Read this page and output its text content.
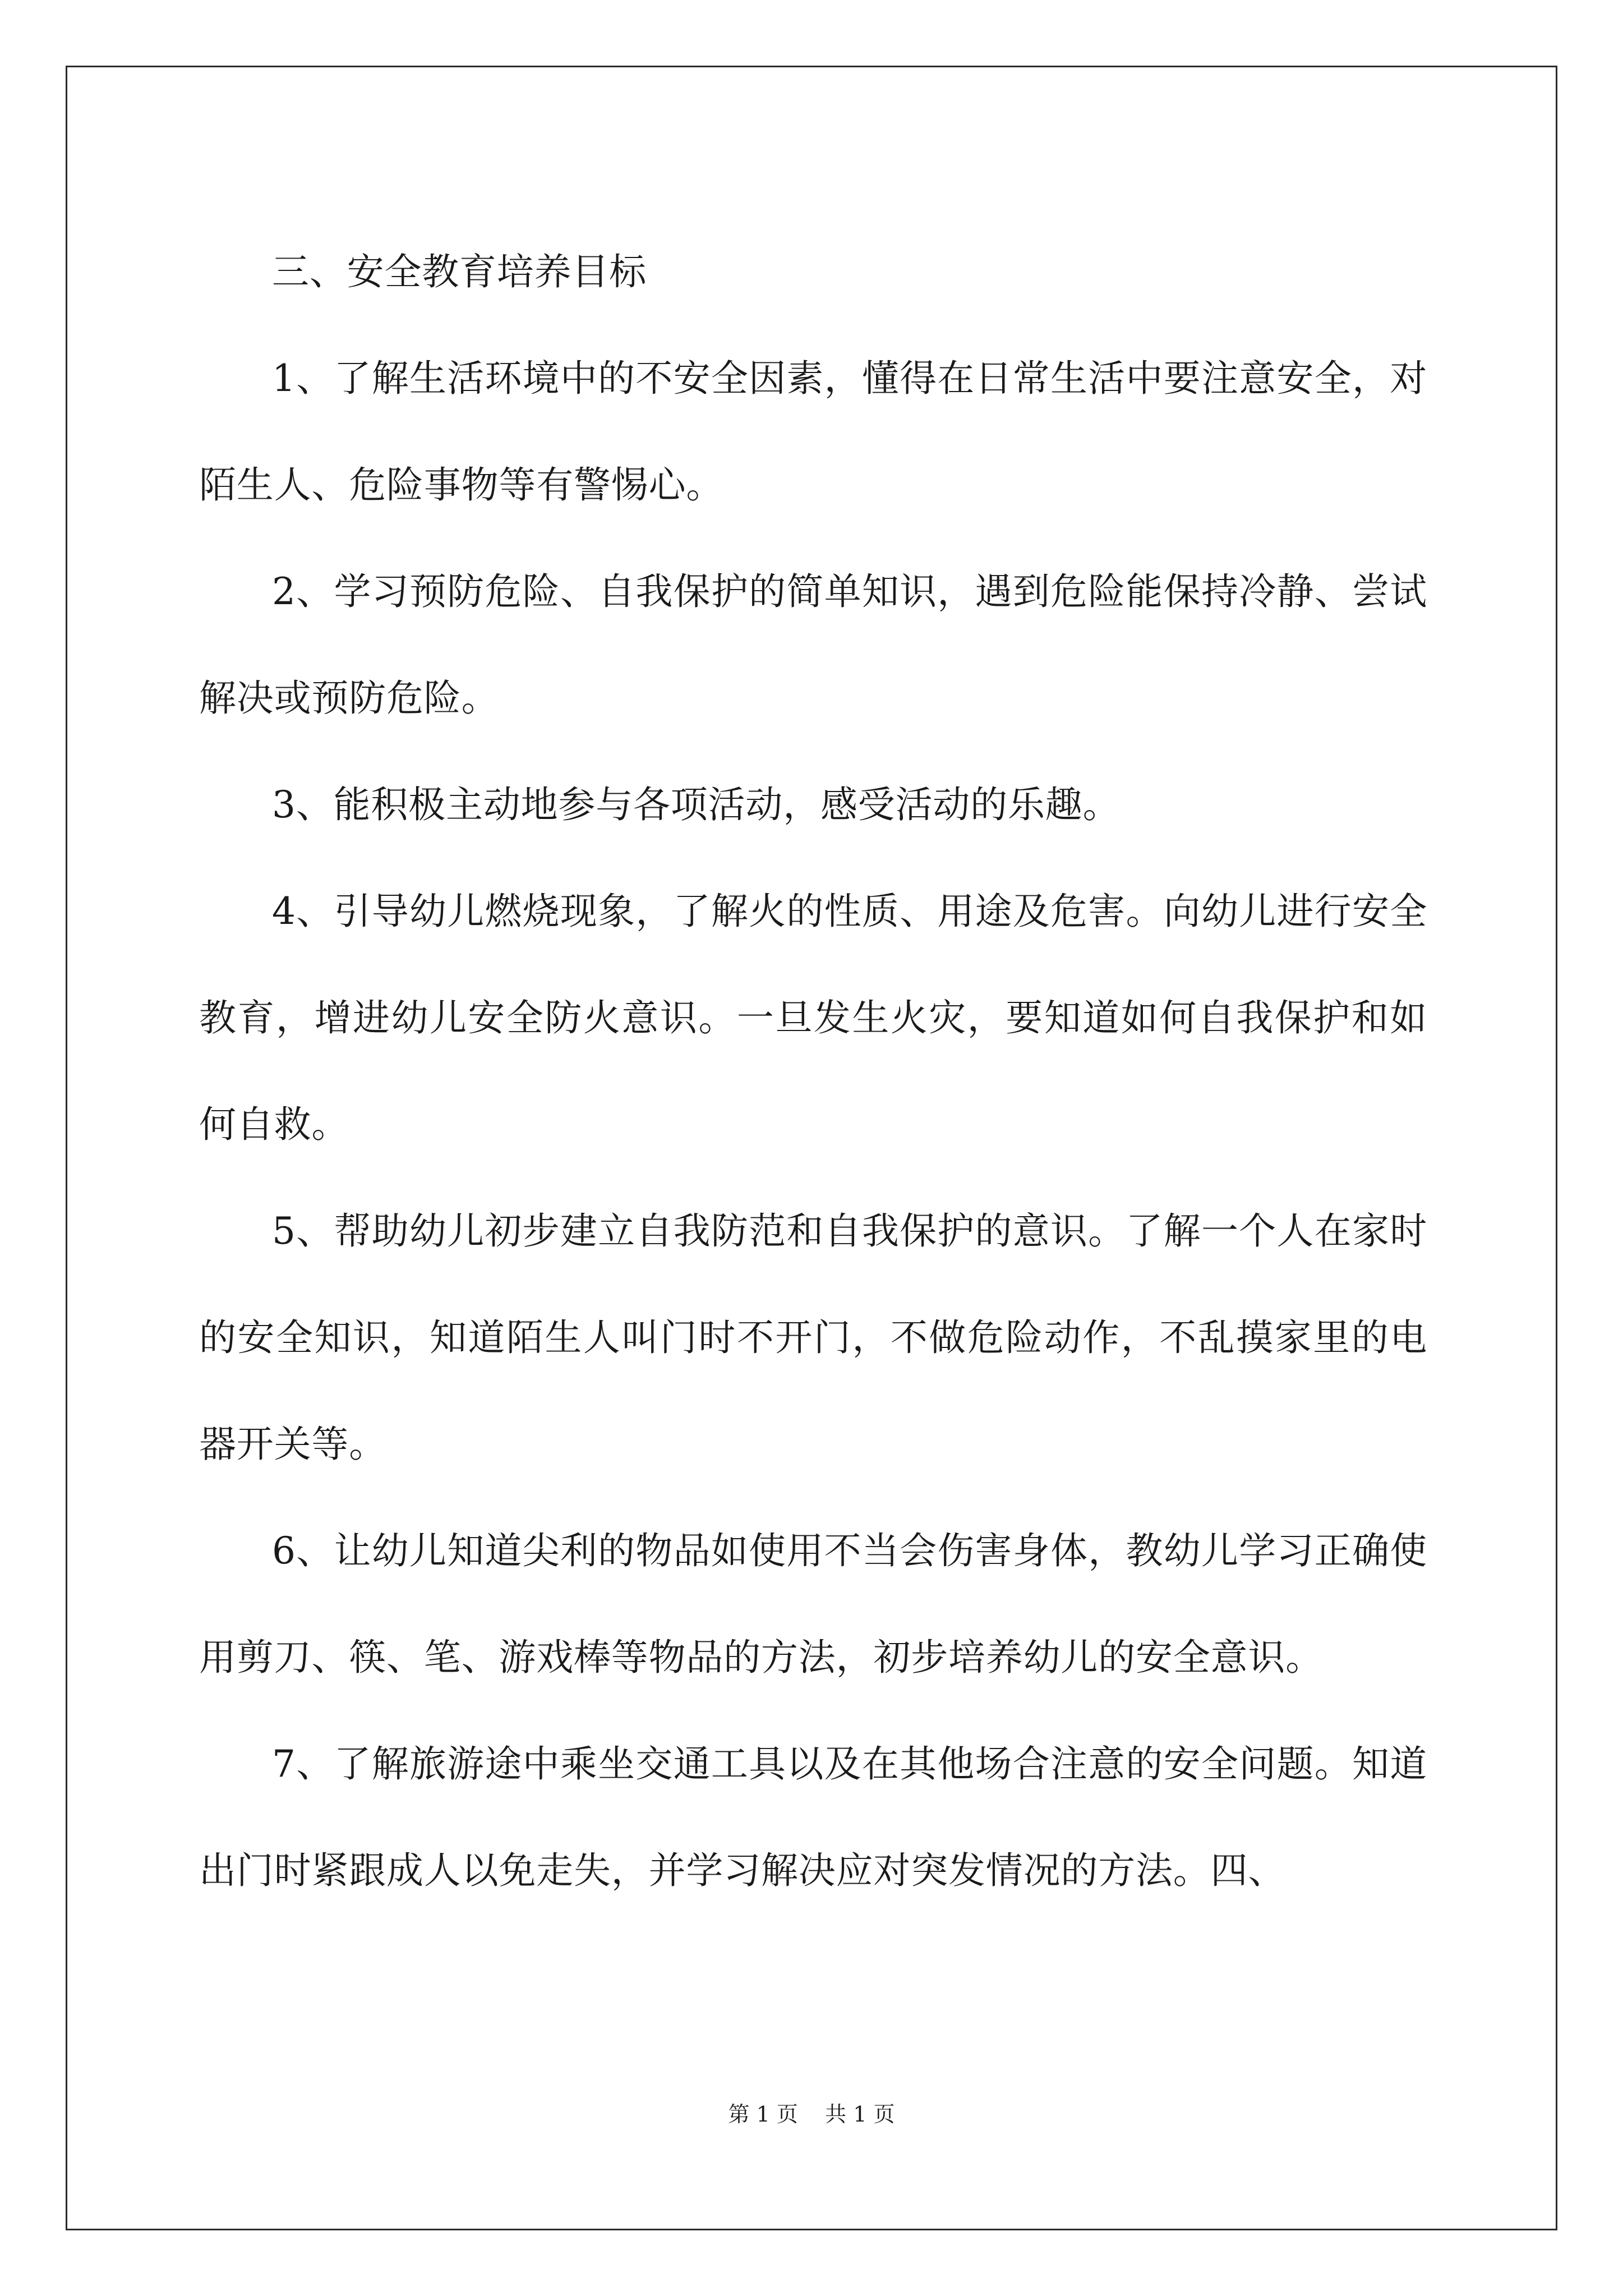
三、安全教育培养目标

1、了解生活环境中的不安全因素，懂得在日常生活中要注意安全，对陌生人、危险事物等有警惕心。

2、学习预防危险、自我保护的简单知识，遇到危险能保持冷静、尝试解决或预防危险。

3、能积极主动地参与各项活动，感受活动的乐趣。

4、引导幼儿燃烧现象，了解火的性质、用途及危害。向幼儿进行安全教育，增进幼儿安全防火意识。一旦发生火灾，要知道如何自我保护和如何自救。

5、帮助幼儿初步建立自我防范和自我保护的意识。了解一个人在家时的安全知识，知道陌生人叫门时不开门，不做危险动作，不乱摸家里的电器开关等。

6、让幼儿知道尖利的物品如使用不当会伤害身体，教幼儿学习正确使用剪刀、筷、笔、游戏棒等物品的方法，初步培养幼儿的安全意识。

7、了解旅游途中乘坐交通工具以及在其他场合注意的安全问题。知道出门时紧跟成人以免走失，并学习解决应对突发情况的方法。四、

第 1 页    共 1 页
